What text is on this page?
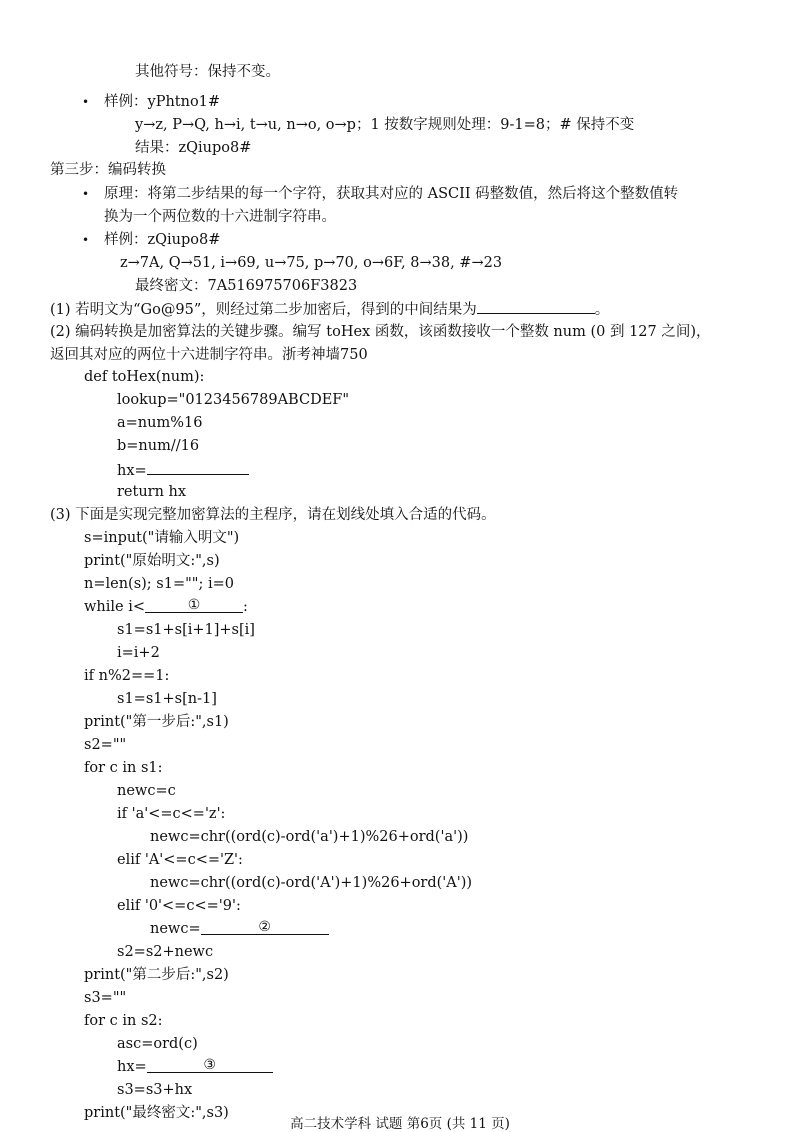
其他符号：保持不变。
• 样例：yPhtno1#
y→z, P→Q, h→i, t→u, n→o, o→p；1 按数字规则处理：9-1=8；# 保持不变
结果：zQiupo8#
第三步：编码转换
• 原理：将第二步结果的每一个字符，获取其对应的 ASCII 码整数值，然后将这个整数值转
换为一个两位数的十六进制字符串。
• 样例：zQiupo8#
z→7A, Q→51, i→69, u→75, p→70, o→6F, 8→38, #→23
最终密文：7A516975706F3823
(1) 若明文为“Go@95”，则经过第二步加密后，得到的中间结果为	。
(2) 编码转换是加密算法的关键步骤。编写 toHex 函数，该函数接收一个整数 num (0 到 127 之间)，
返回其对应的两位十六进制字符串。浙考神墙750
def toHex(num):
lookup="0123456789ABCDEF"
a=num%16
b=num//16
hx=
return hx
(3) 下面是实现完整加密算法的主程序，请在划线处填入合适的代码。
s=input("请输入明文")
print("原始明文:",s)
n=len(s); s1=""; i=0
while i<	①	:
s1=s1+s[i+1]+s[i]
i=i+2
if n%2==1:
s1=s1+s[n-1]
print("第一步后:",s1)
s2=""
for c in s1:
newc=c
if 'a'<=c<='z':
newc=chr((ord(c)-ord('a')+1)%26+ord('a'))
elif 'A'<=c<='Z':
newc=chr((ord(c)-ord('A')+1)%26+ord('A'))
elif '0'<=c<='9':
newc=	②
s2=s2+newc
print("第二步后:",s2)
s3=""
for c in s2:
asc=ord(c)
hx=	③
s3=s3+hx
print("最终密文:",s3)
高二技术学科 试题 第6页 (共 11 页)
